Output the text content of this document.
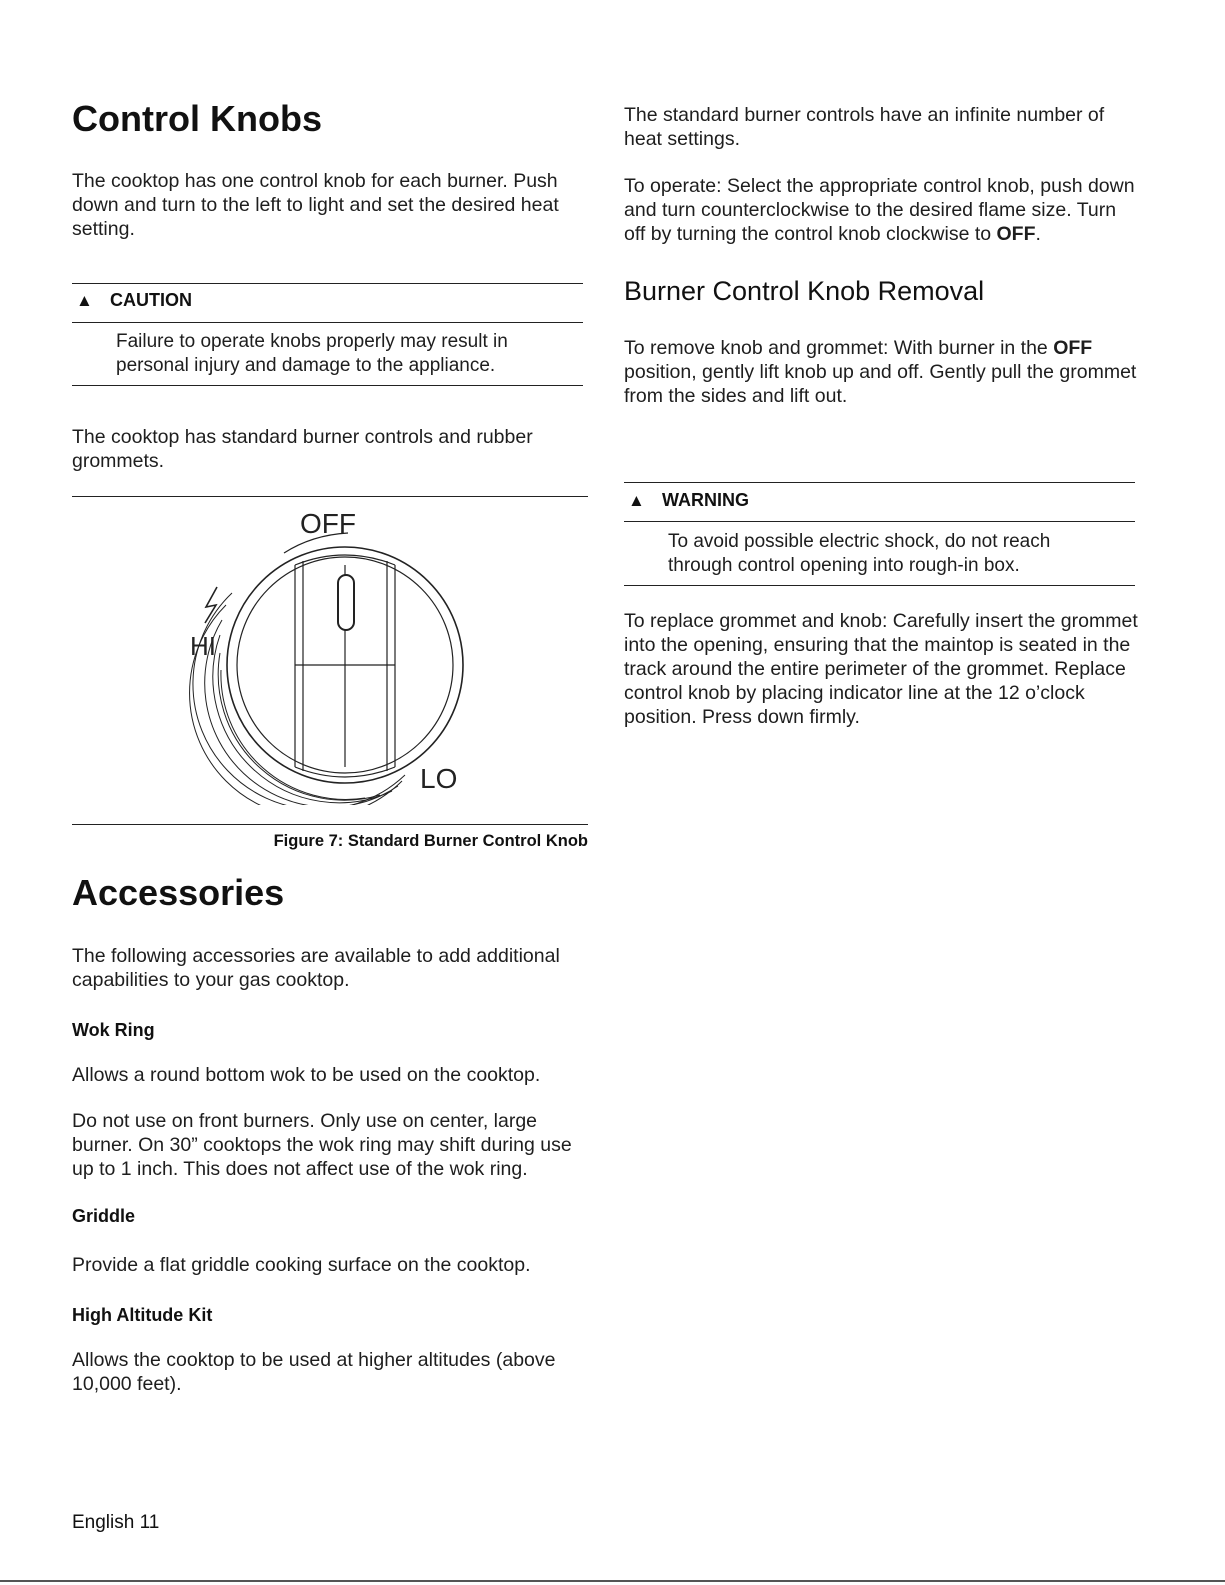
Control Knobs

The cooktop has one control knob for each burner. Push down and turn to the left to light and set the desired heat setting.

▲ CAUTION

Failure to operate knobs properly may result in personal injury and damage to the appliance.

The cooktop has standard burner controls and rubber grommets.

OFF
HI
LO
Figure 7: Standard Burner Control Knob
Accessories

The following accessories are available to add additional capabilities to your gas cooktop.

Wok Ring

Allows a round bottom wok to be used on the cooktop.

Do not use on front burners. Only use on center, large burner. On 30” cooktops the wok ring may shift during use up to 1 inch. This does not affect use of the wok ring.

Griddle

Provide a flat griddle cooking surface on the cooktop.

High Altitude Kit

Allows the cooktop to be used at higher altitudes (above 10,000 feet).

English 11

The standard burner controls have an infinite number of heat settings.

To operate: Select the appropriate control knob, push down and turn counterclockwise to the desired flame size. Turn off by turning the control knob clockwise to OFF.

Burner Control Knob Removal

To remove knob and grommet: With burner in the OFF position, gently lift knob up and off. Gently pull the grommet from the sides and lift out.

▲ WARNING

To avoid possible electric shock, do not reach through control opening into rough-in box.

To replace grommet and knob: Carefully insert the grommet into the opening, ensuring that the maintop is seated in the track around the entire perimeter of the grommet. Replace control knob by placing indicator line at the 12 o’clock position. Press down firmly.
